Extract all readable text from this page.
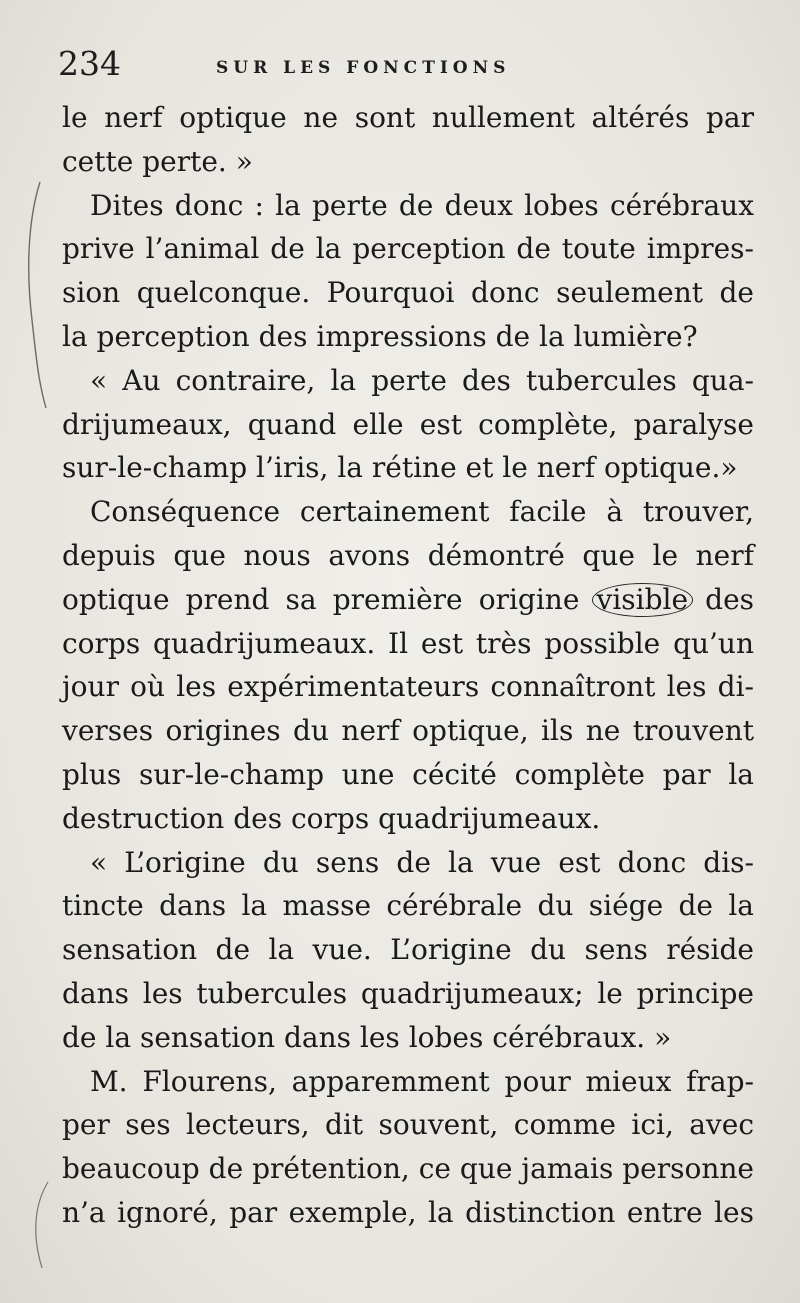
234	SUR LES FONCTIONS
le nerf optique ne sont nullement altérés par
cette perte. »
Dites donc : la perte de deux lobes cérébraux
prive l’animal de la perception de toute impres-
sion quelconque. Pourquoi donc seulement de
la perception des impressions de la lumière?
« Au contraire, la perte des tubercules qua-
drijumeaux, quand elle est complète, paralyse
sur-le-champ l’iris, la rétine et le nerf optique.»
Conséquence certainement facile à trouver,
depuis que nous avons démontré que le nerf
optique prend sa première origine visible des
corps quadrijumeaux. Il est très possible qu’un
jour où les expérimentateurs connaîtront les di-
verses origines du nerf optique, ils ne trouvent
plus sur-le-champ une cécité complète par la
destruction des corps quadrijumeaux.
« L’origine du sens de la vue est donc dis-
tincte dans la masse cérébrale du siége de la
sensation de la vue. L’origine du sens réside
dans les tubercules quadrijumeaux; le principe
de la sensation dans les lobes cérébraux. »
M. Flourens, apparemment pour mieux frap-
per ses lecteurs, dit souvent, comme ici, avec
beaucoup de prétention, ce que jamais personne
n’a ignoré, par exemple, la distinction entre les
